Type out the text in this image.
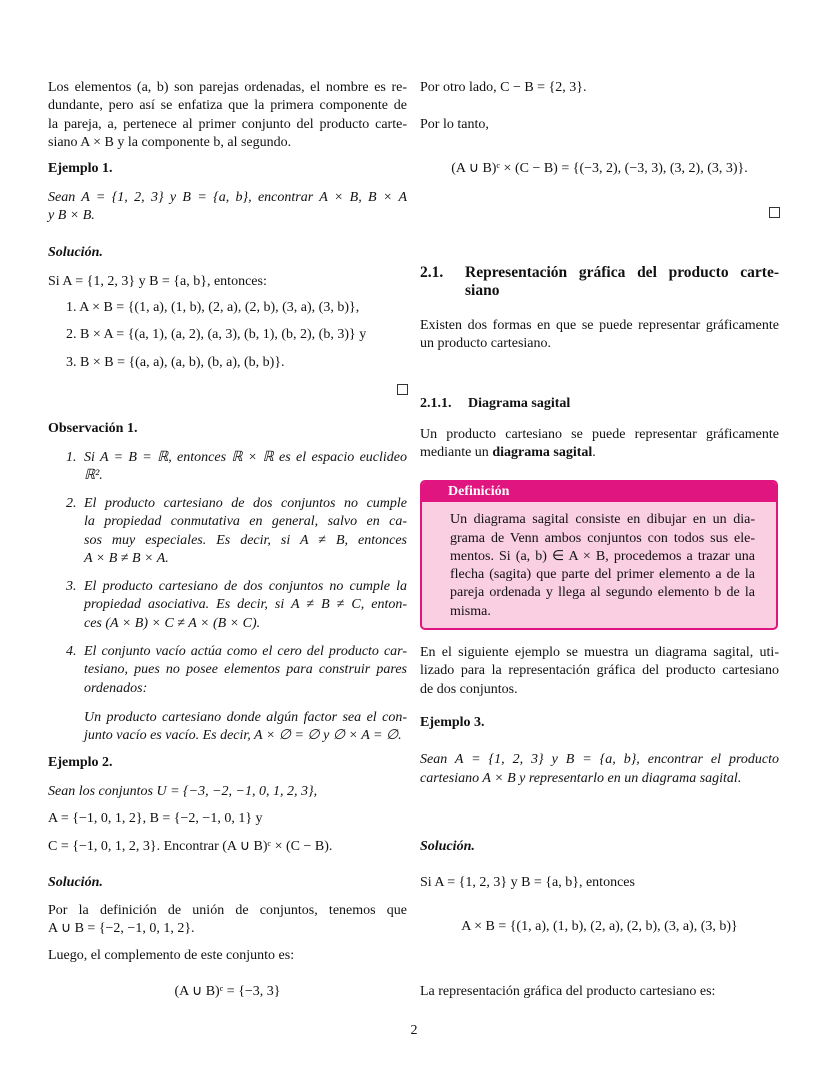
Los elementos (a, b) son parejas ordenadas, el nombre es re-
dundante, pero así se enfatiza que la primera componente de
la pareja, a, pertenece al primer conjunto del producto carte-
siano A × B y la componente b, al segundo.
Ejemplo 1.
Sean A = {1, 2, 3} y B = {a, b}, encontrar A × B, B × A
y B × B.
Solución.
Si A = {1, 2, 3} y B = {a, b}, entonces:
1. A × B = {(1, a), (1, b), (2, a), (2, b), (3, a), (3, b)},
2. B × A = {(a, 1), (a, 2), (a, 3), (b, 1), (b, 2), (b, 3)} y
3. B × B = {(a, a), (a, b), (b, a), (b, b)}.
Observación 1.
1. Si A = B = ℝ, entonces ℝ × ℝ es el espacio euclideo
ℝ².
2. El producto cartesiano de dos conjuntos no cumple
la propiedad conmutativa en general, salvo en ca-
sos muy especiales. Es decir, si A ≠ B, entonces
A × B ≠ B × A.
3. El producto cartesiano de dos conjuntos no cumple la
propiedad asociativa. Es decir, si A ≠ B ≠ C, enton-
ces (A × B) × C ≠ A × (B × C).
4. El conjunto vacío actúa como el cero del producto car-
tesiano, pues no posee elementos para construir pares
ordenados:
Un producto cartesiano donde algún factor sea el con-
junto vacío es vacío. Es decir, A × ∅ = ∅ y ∅ × A = ∅.
Ejemplo 2.
Sean los conjuntos U = {−3, −2, −1, 0, 1, 2, 3},
A = {−1, 0, 1, 2}, B = {−2, −1, 0, 1} y
C = {−1, 0, 1, 2, 3}. Encontrar (A ∪ B)ᶜ × (C − B).
Solución.
Por la definición de unión de conjuntos, tenemos que
A ∪ B = {−2, −1, 0, 1, 2}.
Luego, el complemento de este conjunto es:
(A ∪ B)ᶜ = {−3, 3}
Por otro lado, C − B = {2, 3}.
Por lo tanto,
(A ∪ B)ᶜ × (C − B) = {(−3, 2), (−3, 3), (3, 2), (3, 3)}.
2.1. Representación gráfica del producto carte-
siano
Existen dos formas en que se puede representar gráficamente
un producto cartesiano.
2.1.1. Diagrama sagital
Un producto cartesiano se puede representar gráficamente
mediante un diagrama sagital.
Definición
Un diagrama sagital consiste en dibujar en un dia-
grama de Venn ambos conjuntos con todos sus ele-
mentos. Si (a, b) ∈ A × B, procedemos a trazar una
flecha (sagita) que parte del primer elemento a de la
pareja ordenada y llega al segundo elemento b de la
misma.
En el siguiente ejemplo se muestra un diagrama sagital, uti-
lizado para la representación gráfica del producto cartesiano
de dos conjuntos.
Ejemplo 3.
Sean A = {1, 2, 3} y B = {a, b}, encontrar el producto
cartesiano A × B y representarlo en un diagrama sagital.
Solución.
Si A = {1, 2, 3} y B = {a, b}, entonces
A × B = {(1, a), (1, b), (2, a), (2, b), (3, a), (3, b)}
La representación gráfica del producto cartesiano es:
2
